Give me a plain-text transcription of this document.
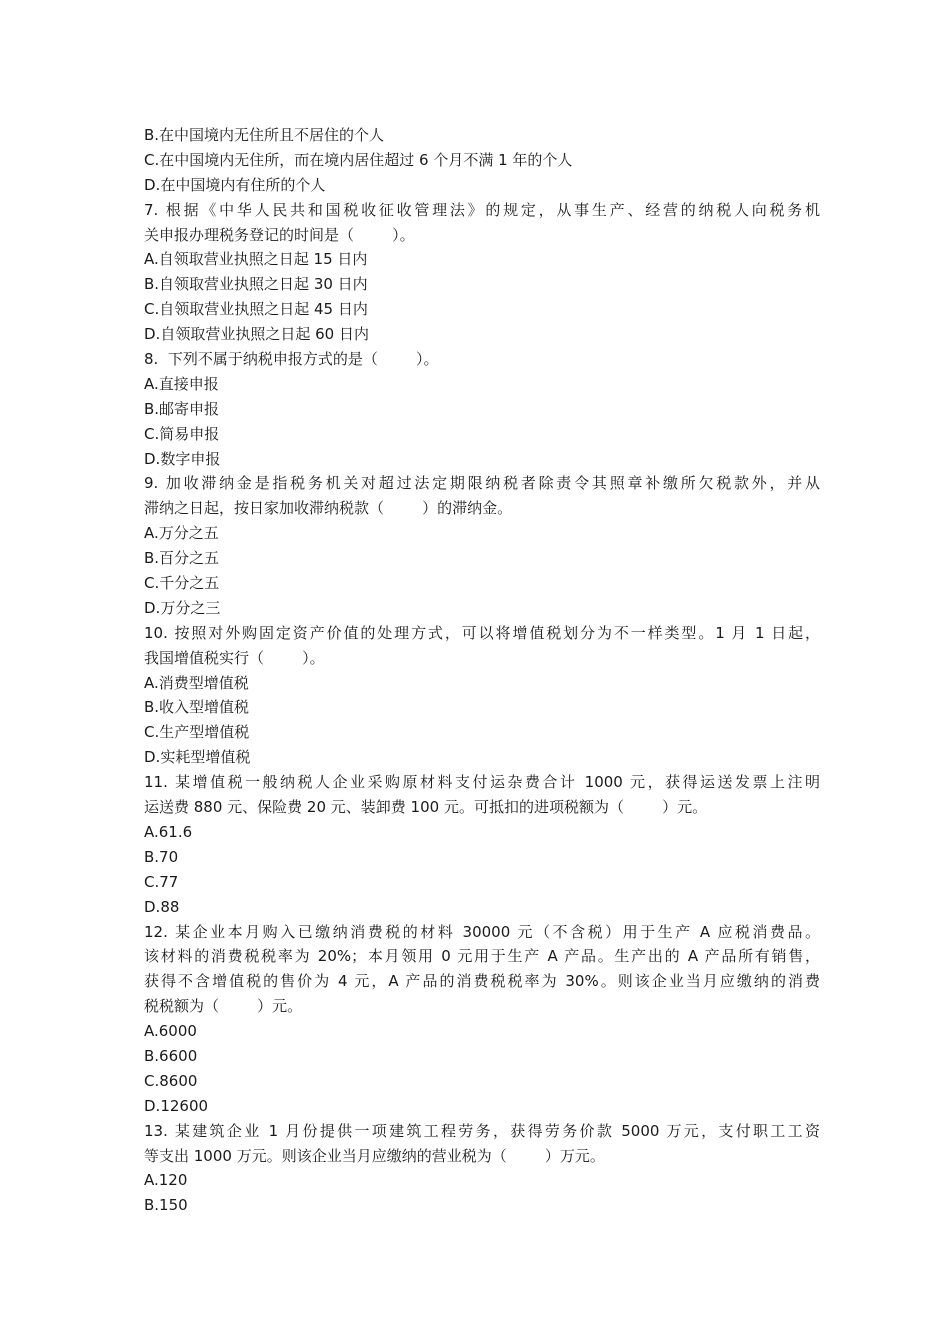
B.在中国境内无住所且不居住的个人
C.在中国境内无住所，而在境内居住超过 6 个月不满 1 年的个人
D.在中国境内有住所的个人
7. 根据《中华人民共和国税收征收管理法》的规定，从事生产、经营的纳税人向税务机
关申报办理税务登记的时间是（        ）。
A.自领取营业执照之日起 15 日内
B.自领取营业执照之日起 30 日内
C.自领取营业执照之日起 45 日内
D.自领取营业执照之日起 60 日内
8.  下列不属于纳税申报方式的是（        ）。
A.直接申报
B.邮寄申报
C.简易申报
D.数字申报
9. 加收滞纳金是指税务机关对超过法定期限纳税者除责令其照章补缴所欠税款外，并从
滞纳之日起，按日家加收滞纳税款（        ）的滞纳金。
A.万分之五
B.百分之五
C.千分之五
D.万分之三
10. 按照对外购固定资产价值的处理方式，可以将增值税划分为不一样类型。1 月 1 日起，
我国增值税实行（        ）。
A.消费型增值税
B.收入型增值税
C.生产型增值税
D.实耗型增值税
11. 某增值税一般纳税人企业采购原材料支付运杂费合计 1000 元，获得运送发票上注明
运送费 880 元、保险费 20 元、装卸费 100 元。可抵扣的进项税额为（        ）元。
A.61.6
B.70
C.77
D.88
12. 某企业本月购入已缴纳消费税的材料 30000 元（不含税）用于生产 A 应税消费品。
该材料的消费税税率为 20%；本月领用 0 元用于生产 A 产品。生产出的 A 产品所有销售，
获得不含增值税的售价为 4 元，A 产品的消费税税率为 30%。则该企业当月应缴纳的消费
税税额为（        ）元。
A.6000
B.6600
C.8600
D.12600
13. 某建筑企业 1 月份提供一项建筑工程劳务，获得劳务价款 5000 万元，支付职工工资
等支出 1000 万元。则该企业当月应缴纳的营业税为（        ）万元。
A.120
B.150
